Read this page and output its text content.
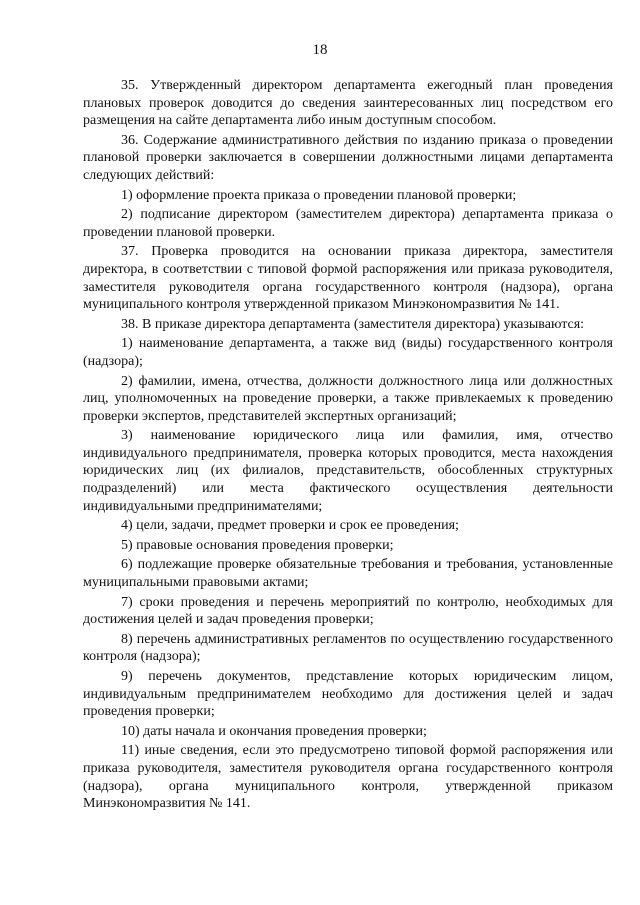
18

35. Утвержденный директором департамента ежегодный план проведения плановых проверок доводится до сведения заинтересованных лиц посредством его размещения на сайте департамента либо иным доступным способом.

36. Содержание административного действия по изданию приказа о проведении плановой проверки заключается в совершении должностными лицами департамента следующих действий:

1) оформление проекта приказа о проведении плановой проверки;

2) подписание директором (заместителем директора) департамента приказа о проведении плановой проверки.

37. Проверка проводится на основании приказа директора, заместителя директора, в соответствии с типовой формой распоряжения или приказа руководителя, заместителя руководителя органа государственного контроля (надзора), органа муниципального контроля утвержденной приказом Минэкономразвития № 141.

38. В приказе директора департамента (заместителя директора) указываются:

1) наименование департамента, а также вид (виды) государственного контроля (надзора);

2) фамилии, имена, отчества, должности должностного лица или должностных лиц, уполномоченных на проведение проверки, а также привлекаемых к проведению проверки экспертов, представителей экспертных организаций;

3) наименование юридического лица или фамилия, имя, отчество индивидуального предпринимателя, проверка которых проводится, места нахождения юридических лиц (их филиалов, представительств, обособленных структурных подразделений) или места фактического осуществления деятельности индивидуальными предпринимателями;

4) цели, задачи, предмет проверки и срок ее проведения;

5) правовые основания проведения проверки;

6) подлежащие проверке обязательные требования и требования, установленные муниципальными правовыми актами;

7) сроки проведения и перечень мероприятий по контролю, необходимых для достижения целей и задач проведения проверки;

8) перечень административных регламентов по осуществлению государственного контроля (надзора);

9) перечень документов, представление которых юридическим лицом, индивидуальным предпринимателем необходимо для достижения целей и задач проведения проверки;

10) даты начала и окончания проведения проверки;

11) иные сведения, если это предусмотрено типовой формой распоряжения или приказа руководителя, заместителя руководителя органа государственного контроля (надзора), органа муниципального контроля, утвержденной приказом Минэкономразвития № 141.
